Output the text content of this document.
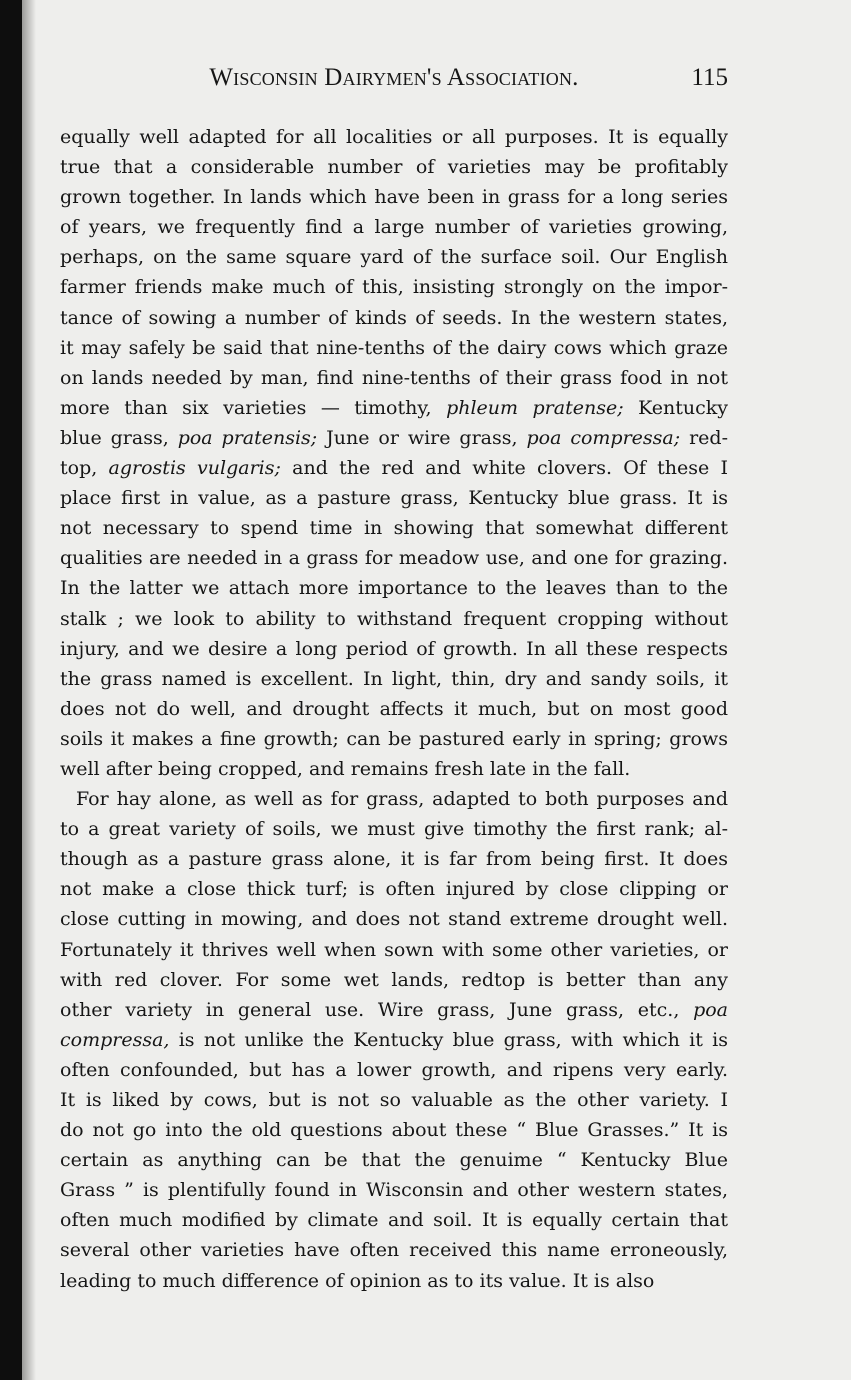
Wisconsin Dairymen's Association.	115
equally well adapted for all localities or all purposes. It is equally
true that a considerable number of varieties may be profitably
grown together. In lands which have been in grass for a long series
of years, we frequently find a large number of varieties growing,
perhaps, on the same square yard of the surface soil. Our English
farmer friends make much of this, insisting strongly on the impor-
tance of sowing a number of kinds of seeds. In the western states,
it may safely be said that nine-tenths of the dairy cows which graze
on lands needed by man, find nine-tenths of their grass food in not
more than six varieties — timothy, phleum pratense; Kentucky
blue grass, poa pratensis; June or wire grass, poa compressa; red-
top, agrostis vulgaris; and the red and white clovers. Of these I
place first in value, as a pasture grass, Kentucky blue grass. It is
not necessary to spend time in showing that somewhat different
qualities are needed in a grass for meadow use, and one for grazing.
In the latter we attach more importance to the leaves than to the
stalk ; we look to ability to withstand frequent cropping without
injury, and we desire a long period of growth. In all these respects
the grass named is excellent. In light, thin, dry and sandy soils, it
does not do well, and drought affects it much, but on most good
soils it makes a fine growth; can be pastured early in spring; grows
well after being cropped, and remains fresh late in the fall.
For hay alone, as well as for grass, adapted to both purposes and
to a great variety of soils, we must give timothy the first rank; al-
though as a pasture grass alone, it is far from being first. It does
not make a close thick turf; is often injured by close clipping or
close cutting in mowing, and does not stand extreme drought well.
Fortunately it thrives well when sown with some other varieties, or
with red clover. For some wet lands, redtop is better than any
other variety in general use. Wire grass, June grass, etc., poa
compressa, is not unlike the Kentucky blue grass, with which it is
often confounded, but has a lower growth, and ripens very early.
It is liked by cows, but is not so valuable as the other variety. I
do not go into the old questions about these “ Blue Grasses.” It is
certain as anything can be that the genuime “ Kentucky Blue
Grass ” is plentifully found in Wisconsin and other western states,
often much modified by climate and soil. It is equally certain that
several other varieties have often received this name erroneously,
leading to much difference of opinion as to its value. It is also
